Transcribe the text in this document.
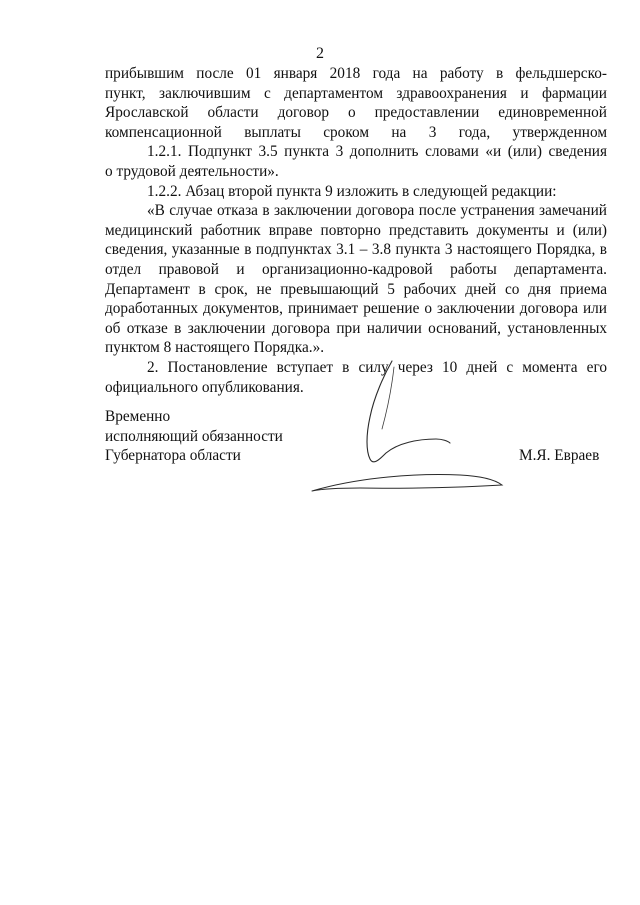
2
прибывшим после 01 января 2018 года на работу в фельдшерско-
пункт, заключившим с департаментом здравоохранения и фармации
Ярославской области договор о предоставлении единовременной
компенсационной выплаты сроком на 3 года, утвержденном
1.2.1. Подпункт 3.5 пункта 3 дополнить словами «и (или) сведения
о трудовой деятельности».
1.2.2. Абзац второй пункта 9 изложить в следующей редакции:
«В случае отказа в заключении договора после устранения замечаний
медицинский работник вправе повторно представить документы и (или)
сведения, указанные в подпунктах 3.1 – 3.8 пункта 3 настоящего Порядка, в
отдел правовой и организационно-кадровой работы департамента.
Департамент в срок, не превышающий 5 рабочих дней со дня приема
доработанных документов, принимает решение о заключении договора или
об отказе в заключении договора при наличии оснований, установленных
пунктом 8 настоящего Порядка.».
2. Постановление вступает в силу через 10 дней с момента его
официального опубликования.
Временно
исполняющий обязанности
Губернатора области	М.Я. Евраев
